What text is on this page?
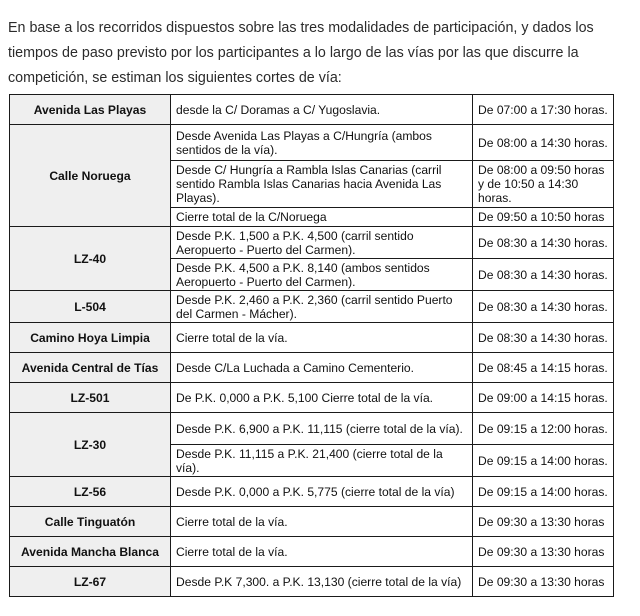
En base a los recorridos dispuestos sobre las tres modalidades de participación, y dados los tiempos de paso previsto por los participantes a lo largo de las vías por las que discurre la competición, se estiman los siguientes cortes de vía:

Avenida Las Playas	desde la C/ Doramas a C/ Yugoslavia.	De 07:00 a 17:30 horas.
Calle Noruega	Desde Avenida Las Playas a C/Hungría (ambos sentidos de la vía).	De 08:00 a 14:30 horas.
	Desde C/ Hungría a Rambla Islas Canarias (carril sentido Rambla Islas Canarias hacia Avenida Las Playas).	De 08:00 a 09:50 horas y de 10:50 a 14:30 horas.
	Cierre total de la C/Noruega	De 09:50 a 10:50 horas
LZ-40	Desde P.K. 1,500 a P.K. 4,500 (carril sentido Aeropuerto - Puerto del Carmen).	De 08:30 a 14:30 horas.
	Desde P.K. 4,500 a P.K. 8,140 (ambos sentidos Aeropuerto - Puerto del Carmen).	De 08:30 a 14:30 horas.
L-504	Desde P.K. 2,460 a P.K. 2,360 (carril sentido Puerto del Carmen - Mácher).	De 08:30 a 14:30 horas.
Camino Hoya Limpia	Cierre total de la vía.	De 08:30 a 14:30 horas.
Avenida Central de Tías	Desde C/La Luchada a Camino Cementerio.	De 08:45 a 14:15 horas.
LZ-501	De P.K. 0,000 a P.K. 5,100 Cierre total de la vía.	De 09:00 a 14:15 horas.
LZ-30	Desde P.K. 6,900 a P.K. 11,115 (cierre total de la vía).	De 09:15 a 12:00 horas.
	Desde P.K. 11,115 a P.K. 21,400 (cierre total de la vía).	De 09:15 a 14:00 horas.
LZ-56	Desde P.K. 0,000 a P.K. 5,775 (cierre total de la vía)	De 09:15 a 14:00 horas.
Calle Tinguatón	Cierre total de la vía.	De 09:30 a 13:30 horas
Avenida Mancha Blanca	Cierre total de la vía.	De 09:30 a 13:30 horas
LZ-67	Desde P.K 7,300. a P.K. 13,130 (cierre total de la vía)	De 09:30 a 13:30 horas
